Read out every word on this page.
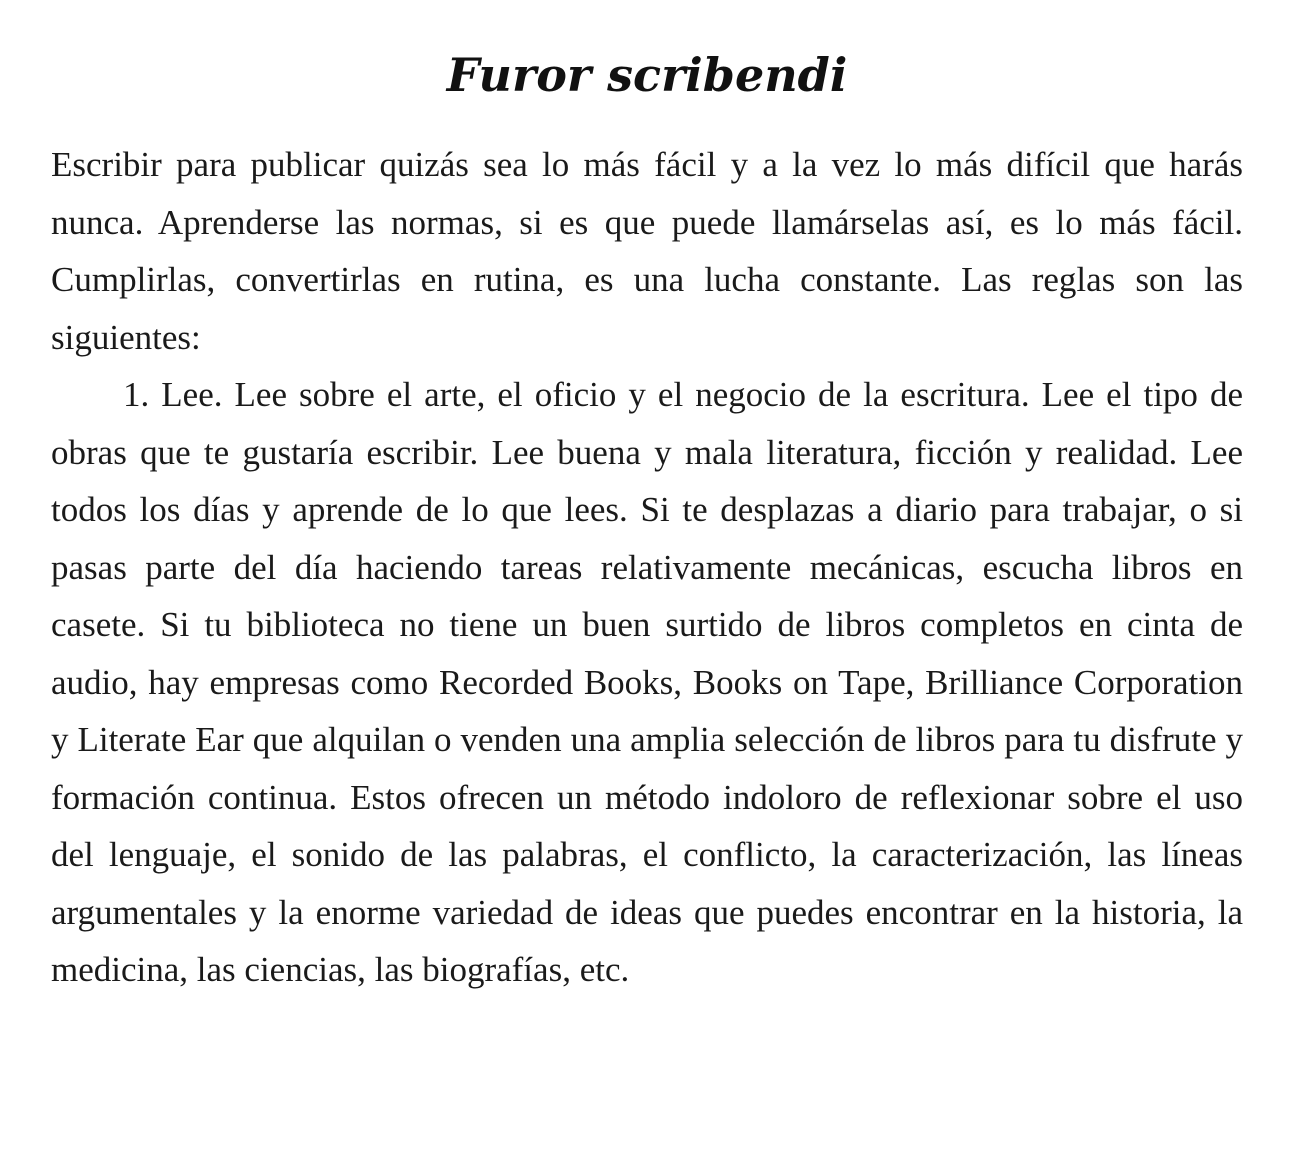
Furor scribendi

Escribir para publicar quizás sea lo más fácil y a la vez lo más difícil que harás nunca. Aprenderse las normas, si es que puede llamárselas así, es lo más fácil. Cumplirlas, convertirlas en rutina, es una lucha constante. Las reglas son las siguientes:

1. Lee. Lee sobre el arte, el oficio y el negocio de la escritura. Lee el tipo de obras que te gustaría escribir. Lee buena y mala literatura, ficción y realidad. Lee todos los días y aprende de lo que lees. Si te desplazas a diario para trabajar, o si pasas parte del día haciendo tareas relativamente mecánicas, escucha libros en casete. Si tu biblioteca no tiene un buen surtido de libros completos en cinta de audio, hay empresas como Recorded Books, Books on Tape, Brilliance Corporation y Literate Ear que alquilan o venden una amplia selección de libros para tu disfrute y formación continua. Estos ofrecen un método indoloro de reflexionar sobre el uso del lenguaje, el sonido de las palabras, el conflicto, la caracterización, las líneas argumentales y la enorme variedad de ideas que puedes encontrar en la historia, la medicina, las ciencias, las biografías, etc.
